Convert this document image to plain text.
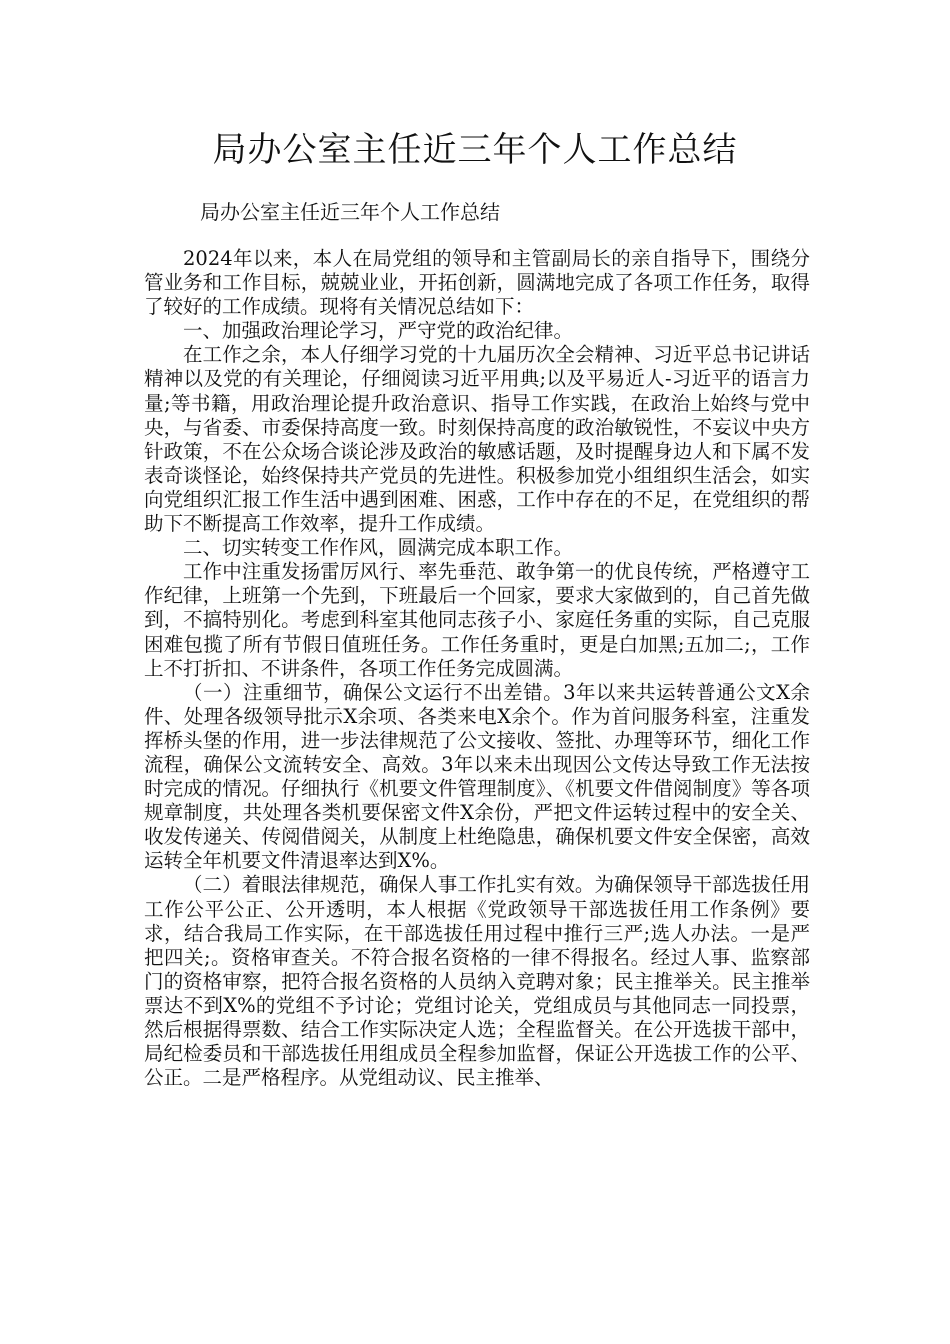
局办公室主任近三年个人工作总结
局办公室主任近三年个人工作总结

2024年以来，本人在局党组的领导和主管副局长的亲自指导下，围绕分管业务和工作目标，兢兢业业，开拓创新，圆满地完成了各项工作任务，取得了较好的工作成绩。现将有关情况总结如下：

一、加强政治理论学习，严守党的政治纪律。

在工作之余，本人仔细学习党的十九届历次全会精神、习近平总书记讲话精神以及党的有关理论，仔细阅读习近平用典;以及平易近人-习近平的语言力量;等书籍，用政治理论提升政治意识、指导工作实践，在政治上始终与党中央，与省委、市委保持高度一致。时刻保持高度的政治敏锐性，不妄议中央方针政策，不在公众场合谈论涉及政治的敏感话题，及时提醒身边人和下属不发表奇谈怪论，始终保持共产党员的先进性。积极参加党小组组织生活会，如实向党组织汇报工作生活中遇到困难、困惑，工作中存在的不足，在党组织的帮助下不断提高工作效率，提升工作成绩。

二、切实转变工作作风，圆满完成本职工作。

工作中注重发扬雷厉风行、率先垂范、敢争第一的优良传统，严格遵守工作纪律，上班第一个先到，下班最后一个回家，要求大家做到的，自己首先做到，不搞特别化。考虑到科室其他同志孩子小、家庭任务重的实际，自己克服困难包揽了所有节假日值班任务。工作任务重时，更是白加黑;五加二;，工作上不打折扣、不讲条件，各项工作任务完成圆满。

（一）注重细节，确保公文运行不出差错。3年以来共运转普通公文X余件、处理各级领导批示X余项、各类来电X余个。作为首问服务科室，注重发挥桥头堡的作用，进一步法律规范了公文接收、签批、办理等环节，细化工作流程，确保公文流转安全、高效。3年以来未出现因公文传达导致工作无法按时完成的情况。仔细执行《机要文件管理制度》、《机要文件借阅制度》等各项规章制度，共处理各类机要保密文件X余份，严把文件运转过程中的安全关、收发传递关、传阅借阅关，从制度上杜绝隐患，确保机要文件安全保密，高效运转全年机要文件清退率达到X%。

（二）着眼法律规范，确保人事工作扎实有效。为确保领导干部选拔任用工作公平公正、公开透明，本人根据《党政领导干部选拔任用工作条例》要求，结合我局工作实际，在干部选拔任用过程中推行三严;选人办法。一是严把四关;。资格审查关。不符合报名资格的一律不得报名。经过人事、监察部门的资格审察，把符合报名资格的人员纳入竞聘对象；民主推举关。民主推举票达不到X%的党组不予讨论；党组讨论关，党组成员与其他同志一同投票，然后根据得票数、结合工作实际决定人选；全程监督关。在公开选拔干部中，局纪检委员和干部选拔任用组成员全程参加监督，保证公开选拔工作的公平、公正。二是严格程序。从党组动议、民主推举、
